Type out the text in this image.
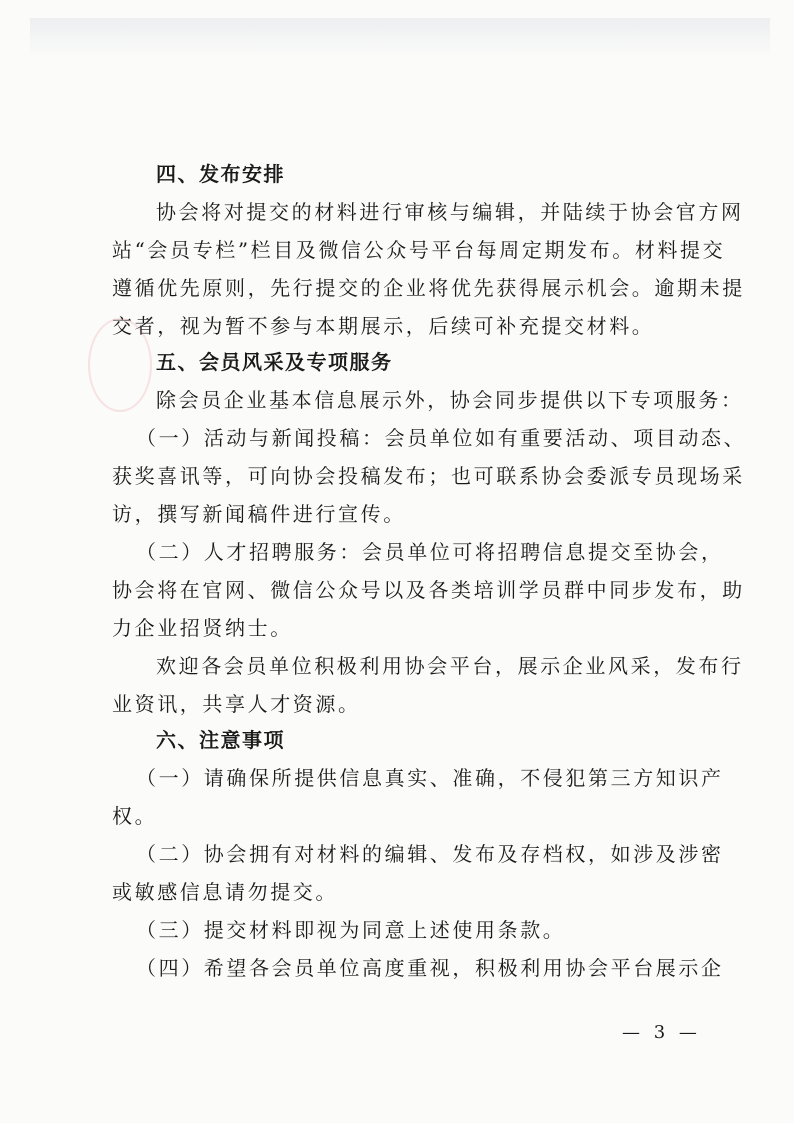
四、发布安排
协会将对提交的材料进行审核与编辑，并陆续于协会官方网
站“会员专栏”栏目及微信公众号平台每周定期发布。材料提交
遵循优先原则，先行提交的企业将优先获得展示机会。逾期未提
交者，视为暂不参与本期展示，后续可补充提交材料。
五、会员风采及专项服务
除会员企业基本信息展示外，协会同步提供以下专项服务：
（一）活动与新闻投稿：会员单位如有重要活动、项目动态、
获奖喜讯等，可向协会投稿发布；也可联系协会委派专员现场采
访，撰写新闻稿件进行宣传。
（二）人才招聘服务：会员单位可将招聘信息提交至协会，
协会将在官网、微信公众号以及各类培训学员群中同步发布，助
力企业招贤纳士。
欢迎各会员单位积极利用协会平台，展示企业风采，发布行
业资讯，共享人才资源。
六、注意事项
（一）请确保所提供信息真实、准确，不侵犯第三方知识产
权。
（二）协会拥有对材料的编辑、发布及存档权，如涉及涉密
或敏感信息请勿提交。
（三）提交材料即视为同意上述使用条款。
（四）希望各会员单位高度重视，积极利用协会平台展示企
— 3 —
